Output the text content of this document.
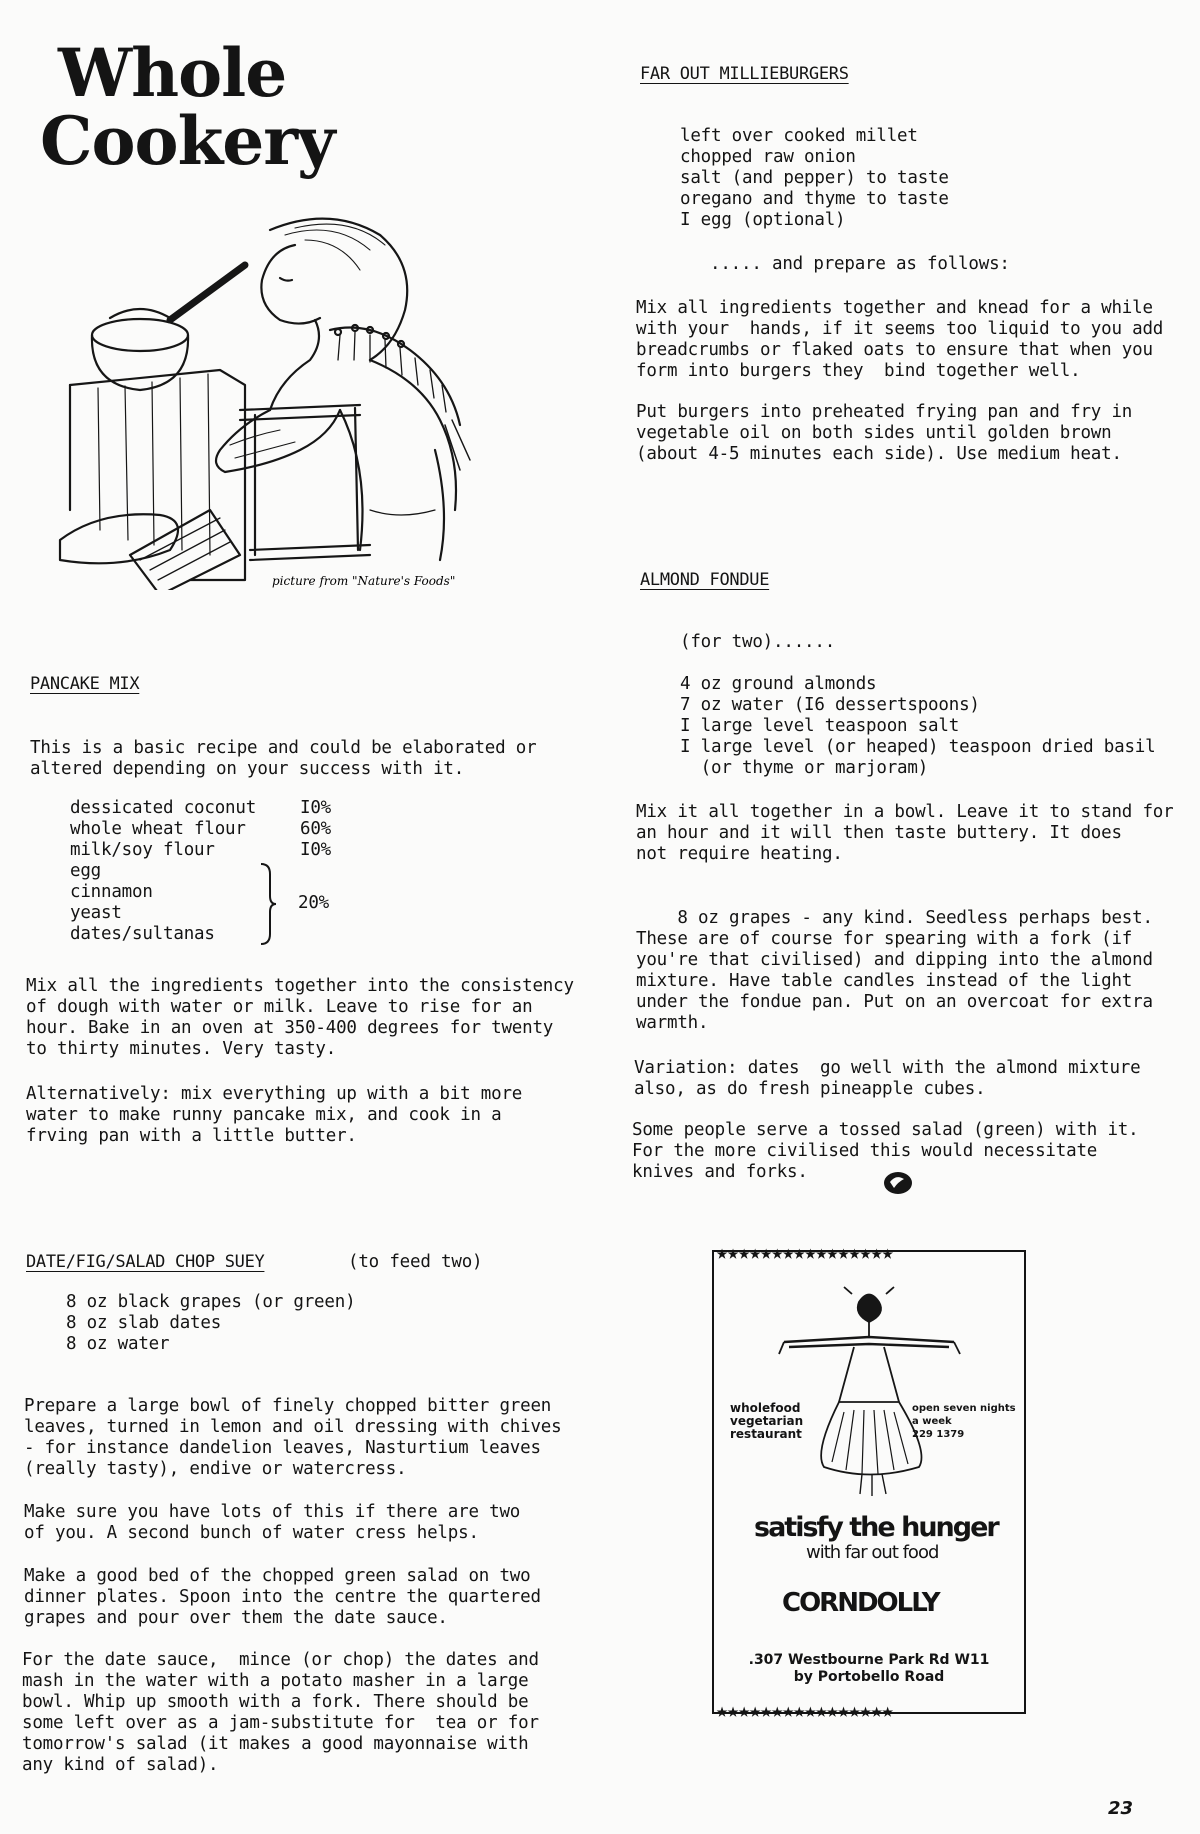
Whole
Cookery
picture from "Nature's Foods"
FAR OUT MILLIEBURGERS
left over cooked millet
chopped raw onion
salt (and pepper) to taste
oregano and thyme to taste
I egg (optional)
..... and prepare as follows:
Mix all ingredients together and knead for a while
with your  hands, if it seems too liquid to you add
breadcrumbs or flaked oats to ensure that when you
form into burgers they  bind together well.
Put burgers into preheated frying pan and fry in
vegetable oil on both sides until golden brown
(about 4-5 minutes each side). Use medium heat.
ALMOND FONDUE
(for two)......
4 oz ground almonds
7 oz water (I6 dessertspoons)
I large level teaspoon salt
I large level (or heaped) teaspoon dried basil
(or thyme or marjoram)
Mix it all together in a bowl. Leave it to stand for
an hour and it will then taste buttery. It does
not require heating.
8 oz grapes - any kind. Seedless perhaps best.
These are of course for spearing with a fork (if
you're that civilised) and dipping into the almond
mixture. Have table candles instead of the light
under the fondue pan. Put on an overcoat for extra
warmth.
Variation: dates  go well with the almond mixture
also, as do fresh pineapple cubes.
Some people serve a tossed salad (green) with it.
For the more civilised this would necessitate
knives and forks.
PANCAKE MIX
This is a basic recipe and could be elaborated or
altered depending on your success with it.
dessicated coconut	I0%
whole wheat flour	60%
milk/soy flour	I0%
egg
cinnamon
yeast
dates/sultanas
20%
Mix all the ingredients together into the consistency
of dough with water or milk. Leave to rise for an
hour. Bake in an oven at 350-400 degrees for twenty
to thirty minutes. Very tasty.
Alternatively: mix everything up with a bit more
water to make runny pancake mix, and cook in a
frving pan with a little butter.
DATE/FIG/SALAD CHOP SUEY	(to feed two)
8 oz black grapes (or green)
8 oz slab dates
8 oz water
Prepare a large bowl of finely chopped bitter green
leaves, turned in lemon and oil dressing with chives
- for instance dandelion leaves, Nasturtium leaves
(really tasty), endive or watercress.
Make sure you have lots of this if there are two
of you. A second bunch of water cress helps.
Make a good bed of the chopped green salad on two
dinner plates. Spoon into the centre the quartered
grapes and pour over them the date sauce.
For the date sauce,  mince (or chop) the dates and
mash in the water with a potato masher in a large
bowl. Whip up smooth with a fork. There should be
some left over as a jam-substitute for  tea or for
tomorrow's salad (it makes a good mayonnaise with
any kind of salad).
★★★★★★★★★★★★★★★★
★★★★★★★★★★★★★★★★
wholefood
vegetarian
restaurant
open seven nights
a week
229 1379
satisfy the hunger
with far out food
CORNDOLLY
.307 Westbourne Park Rd W11
by Portobello Road
23
